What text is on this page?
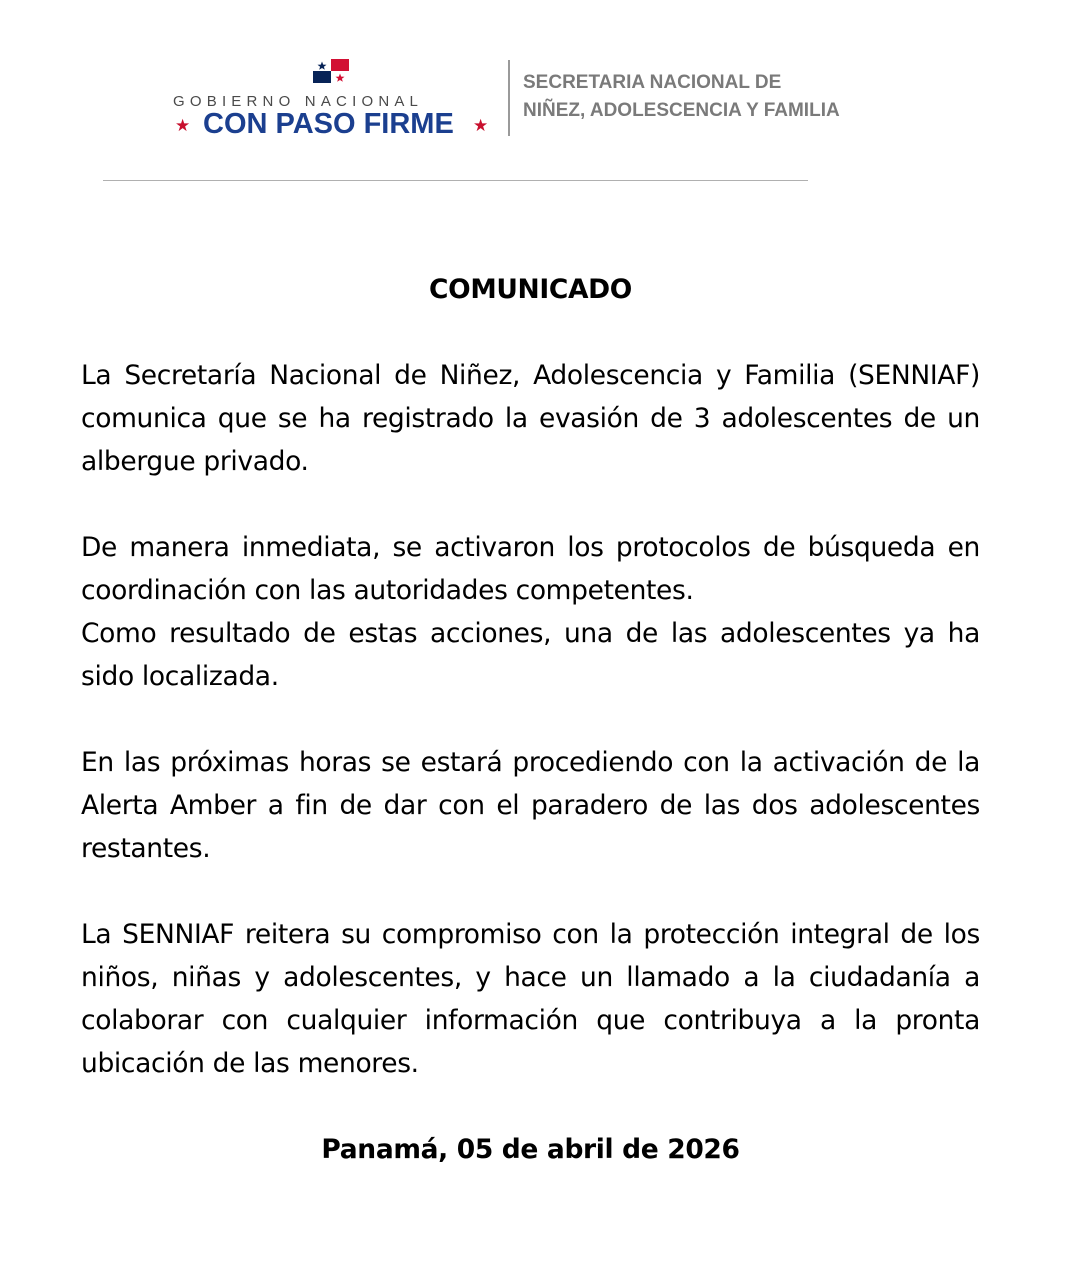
GOBIERNO NACIONAL
★ CON PASO FIRME ★
SECRETARIA NACIONAL DE
NIÑEZ, ADOLESCENCIA Y FAMILIA

COMUNICADO

La Secretaría Nacional de Niñez, Adolescencia y Familia (SENNIAF) comunica que se ha registrado la evasión de 3 adolescentes de un albergue privado.

De manera inmediata, se activaron los protocolos de búsqueda en coordinación con las autoridades competentes.

Como resultado de estas acciones, una de las adolescentes ya ha sido localizada.

En las próximas horas se estará procediendo con la activación de la Alerta Amber a fin de dar con el paradero de las dos adolescentes restantes.

La SENNIAF reitera su compromiso con la protección integral de los niños, niñas y adolescentes, y hace un llamado a la ciudadanía a colaborar con cualquier información que contribuya a la pronta ubicación de las menores.

Panamá, 05 de abril de 2026
